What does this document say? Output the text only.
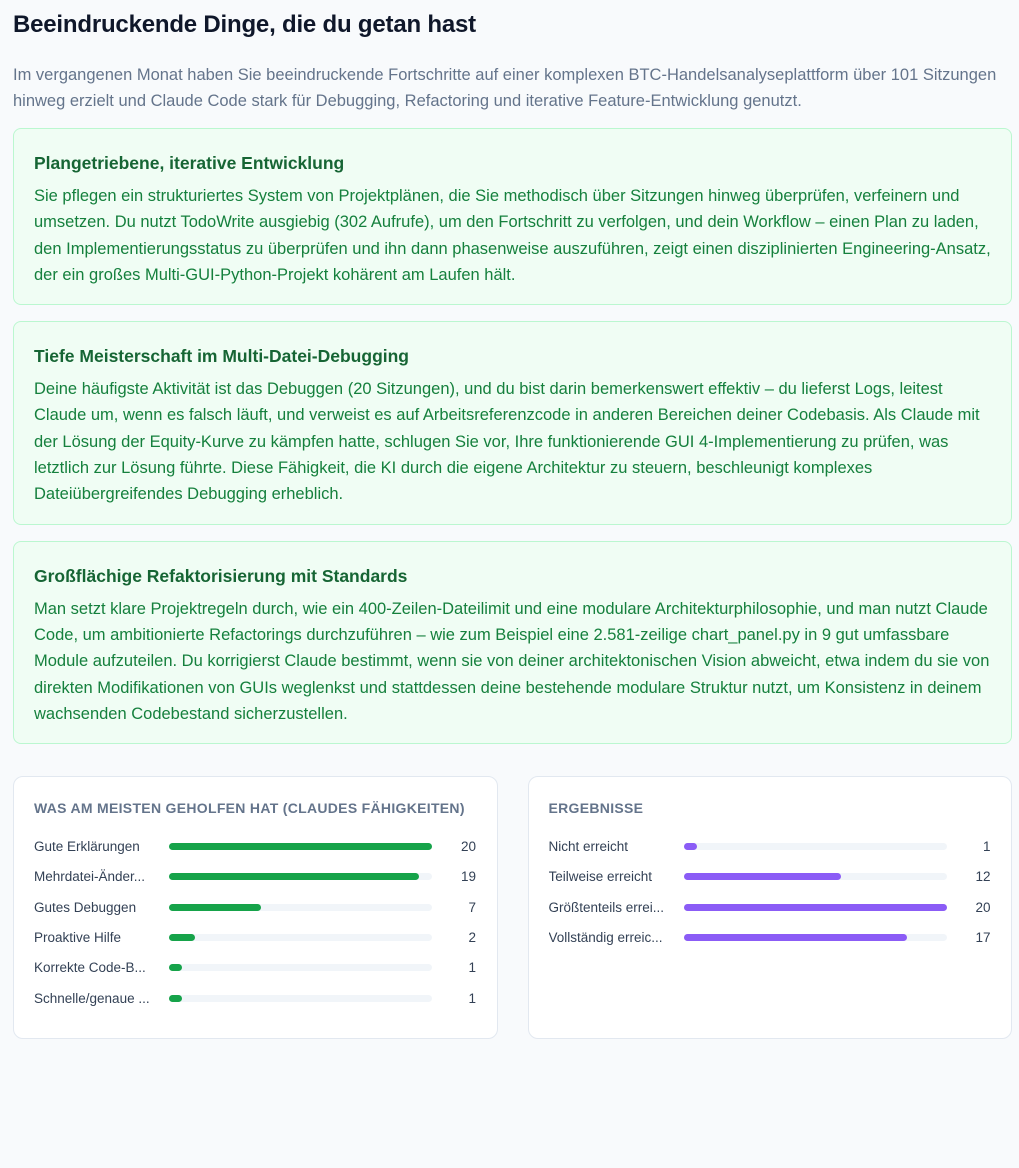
Beeindruckende Dinge, die du getan hast

Im vergangenen Monat haben Sie beeindruckende Fortschritte auf einer komplexen BTC-Handelsanalyseplattform über 101 Sitzungen hinweg erzielt und Claude Code stark für Debugging, Refactoring und iterative Feature-Entwicklung genutzt.

Plangetriebene, iterative Entwicklung
Sie pflegen ein strukturiertes System von Projektplänen, die Sie methodisch über Sitzungen hinweg überprüfen, verfeinern und umsetzen. Du nutzt TodoWrite ausgiebig (302 Aufrufe), um den Fortschritt zu verfolgen, und dein Workflow – einen Plan zu laden, den Implementierungsstatus zu überprüfen und ihn dann phasenweise auszuführen, zeigt einen disziplinierten Engineering-Ansatz, der ein großes Multi-GUI-Python-Projekt kohärent am Laufen hält.
Tiefe Meisterschaft im Multi-Datei-Debugging
Deine häufigste Aktivität ist das Debuggen (20 Sitzungen), und du bist darin bemerkenswert effektiv – du lieferst Logs, leitest Claude um, wenn es falsch läuft, und verweist es auf Arbeitsreferenzcode in anderen Bereichen deiner Codebasis. Als Claude mit der Lösung der Equity-Kurve zu kämpfen hatte, schlugen Sie vor, Ihre funktionierende GUI 4-Implementierung zu prüfen, was letztlich zur Lösung führte. Diese Fähigkeit, die KI durch die eigene Architektur zu steuern, beschleunigt komplexes Dateiübergreifendes Debugging erheblich.
Großflächige Refaktorisierung mit Standards
Man setzt klare Projektregeln durch, wie ein 400-Zeilen-Dateilimit und eine modulare Architekturphilosophie, und man nutzt Claude Code, um ambitionierte Refactorings durchzuführen – wie zum Beispiel eine 2.581-zeilige chart_panel.py in 9 gut umfassbare Module aufzuteilen. Du korrigierst Claude bestimmt, wenn sie von deiner architektonischen Vision abweicht, etwa indem du sie von direkten Modifikationen von GUIs weglenkst und stattdessen deine bestehende modulare Struktur nutzt, um Konsistenz in deinem wachsenden Codebestand sicherzustellen.
WAS AM MEISTEN GEHOLFEN HAT (CLAUDES FÄHIGKEITEN)
Gute Erklärungen	20
Mehrdatei-Änder...	19
Gutes Debuggen	7
Proaktive Hilfe	2
Korrekte Code-B...	1
Schnelle/genaue ...	1
ERGEBNISSE
Nicht erreicht	1
Teilweise erreicht	12
Größtenteils errei...	20
Vollständig erreic...	17
